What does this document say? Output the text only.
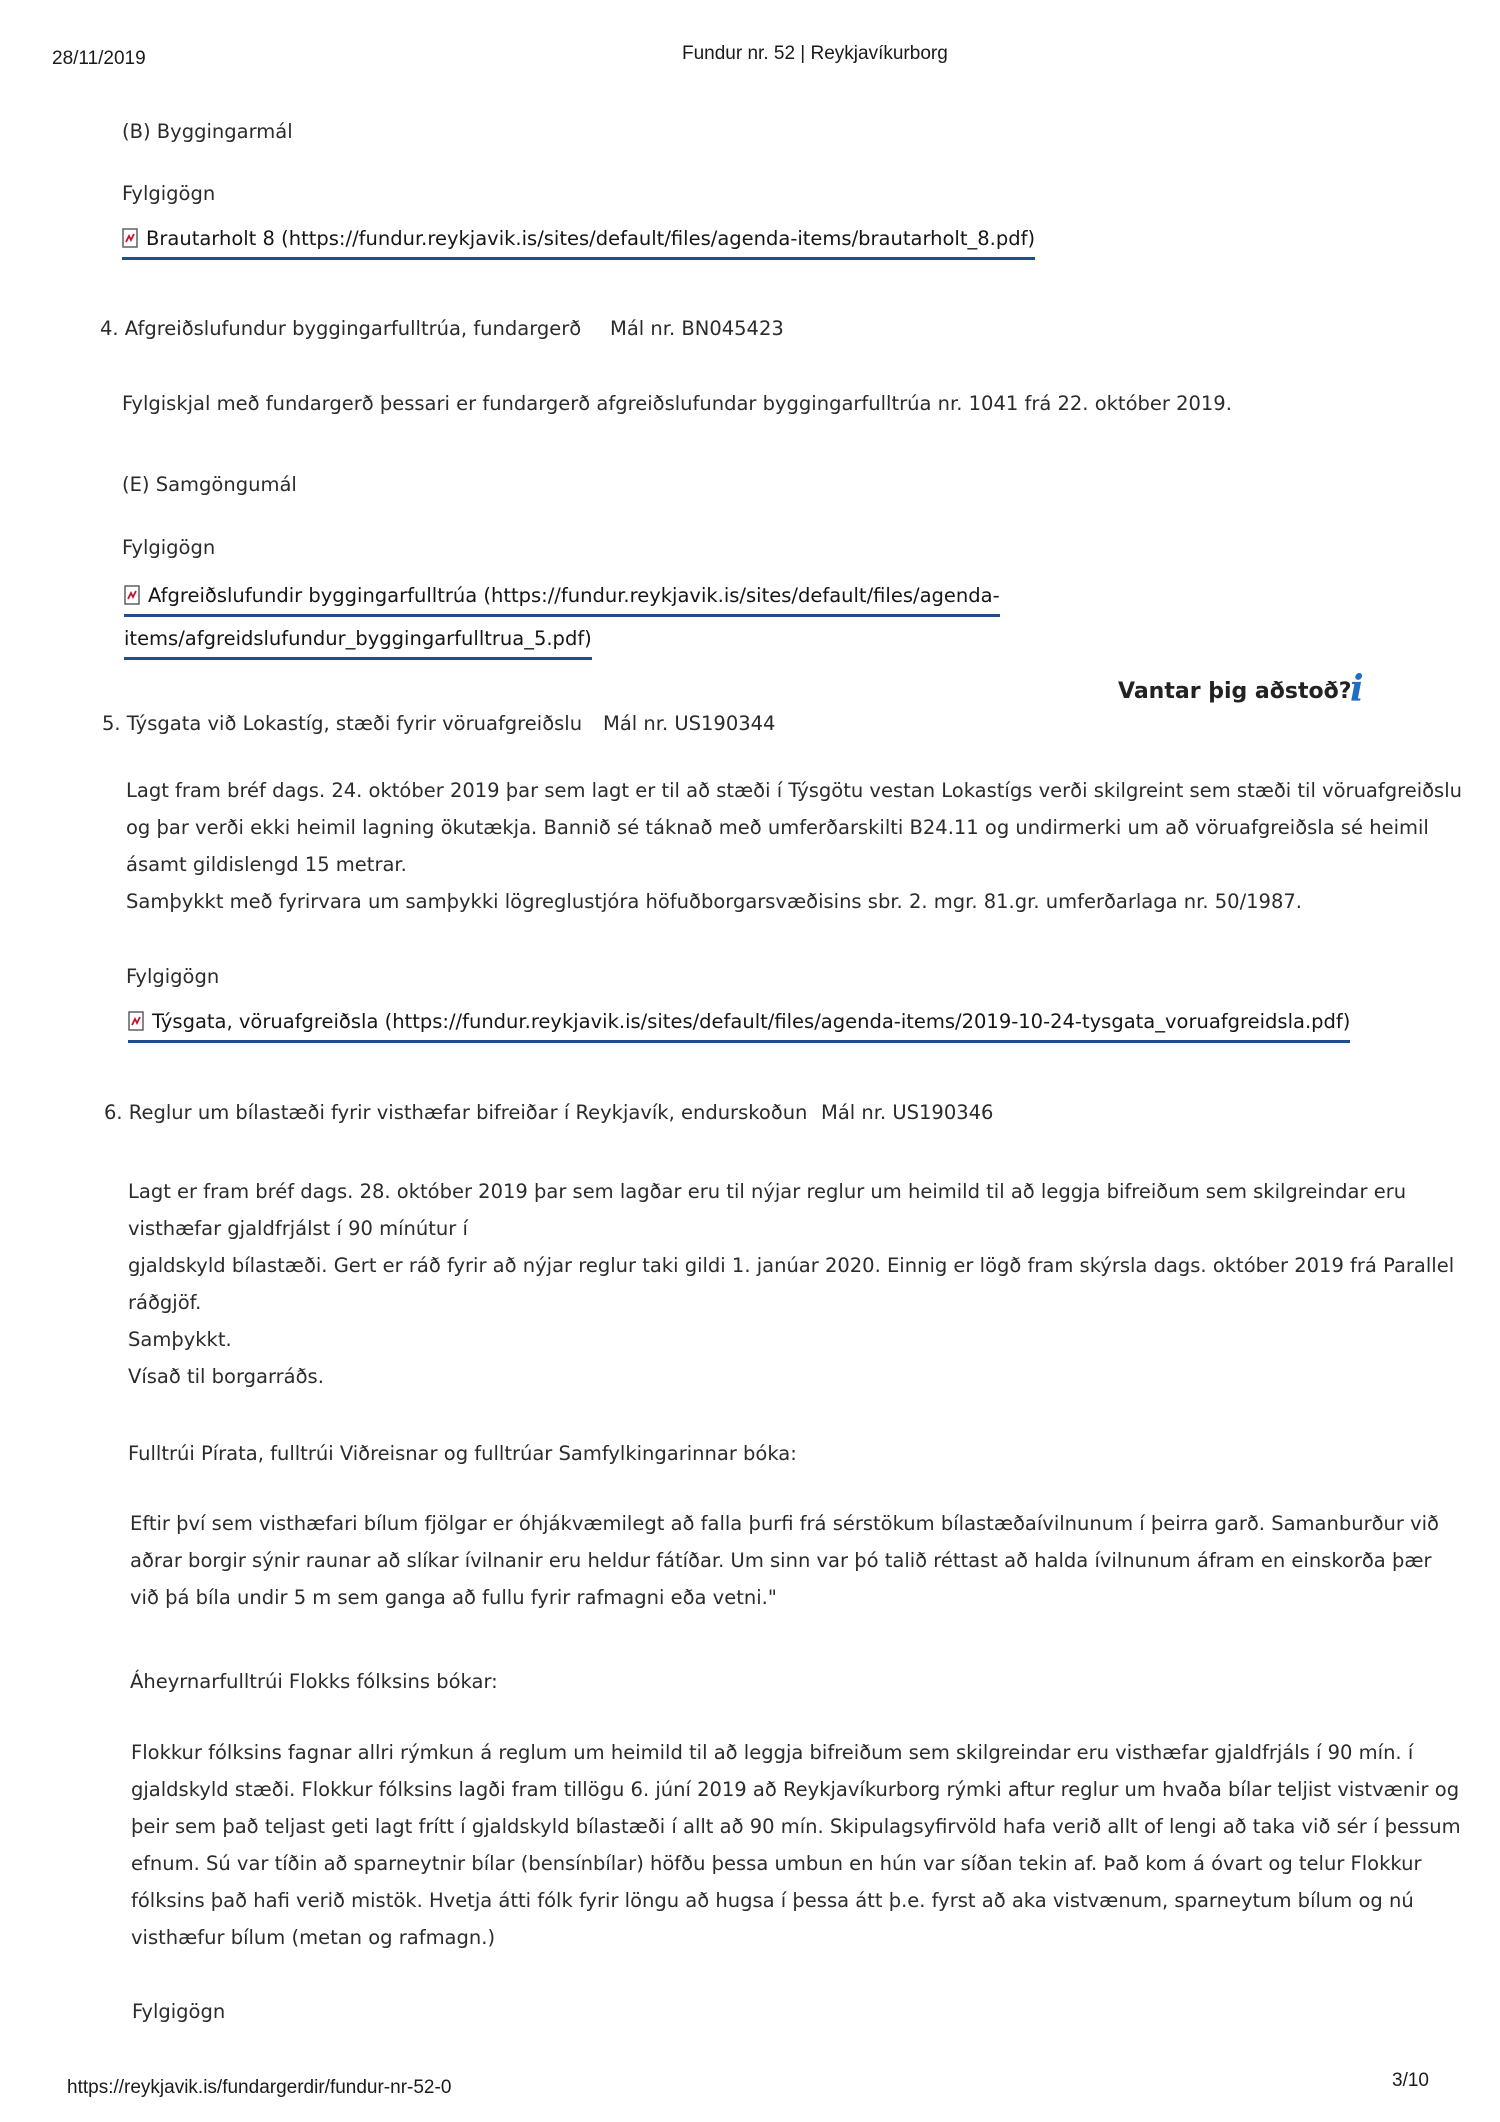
28/11/2019	Fundur nr. 52 | Reykjavíkurborg
(B) Byggingarmál
Fylgigögn
Brautarholt 8 (https://fundur.reykjavik.is/sites/default/files/agenda-items/brautarholt_8.pdf)
4. Afgreiðslufundur byggingarfulltrúa, fundargerð Mál nr. BN045423
Fylgiskjal með fundargerð þessari er fundargerð afgreiðslufundar byggingarfulltrúa nr. 1041 frá 22. október 2019.
(E) Samgöngumál
Fylgigögn
Afgreiðslufundir byggingarfulltrúa (https://fundur.reykjavik.is/sites/default/files/agenda-
items/afgreidslufundur_byggingarfulltrua_5.pdf)
Vantar þig aðstoð?
i
5. Týsgata við Lokastíg, stæði fyrir vöruafgreiðslu Mál nr. US190344
Lagt fram bréf dags. 24. október 2019 þar sem lagt er til að stæði í Týsgötu vestan Lokastígs verði skilgreint sem stæði til vöruafgreiðslu
og þar verði ekki heimil lagning ökutækja. Bannið sé táknað með umferðarskilti B24.11 og undirmerki um að vöruafgreiðsla sé heimil
ásamt gildislengd 15 metrar.
Samþykkt með fyrirvara um samþykki lögreglustjóra höfuðborgarsvæðisins sbr. 2. mgr. 81.gr. umferðarlaga nr. 50/1987.
Fylgigögn
Týsgata, vöruafgreiðsla (https://fundur.reykjavik.is/sites/default/files/agenda-items/2019-10-24-tysgata_voruafgreidsla.pdf)
6. Reglur um bílastæði fyrir visthæfar bifreiðar í Reykjavík, endurskoðun Mál nr. US190346
Lagt er fram bréf dags. 28. október 2019 þar sem lagðar eru til nýjar reglur um heimild til að leggja bifreiðum sem skilgreindar eru
visthæfar gjaldfrjálst í 90 mínútur í
gjaldskyld bílastæði. Gert er ráð fyrir að nýjar reglur taki gildi 1. janúar 2020. Einnig er lögð fram skýrsla dags. október 2019 frá Parallel
ráðgjöf.
Samþykkt.
Vísað til borgarráðs.
Fulltrúi Pírata, fulltrúi Viðreisnar og fulltrúar Samfylkingarinnar bóka:
Eftir því sem visthæfari bílum fjölgar er óhjákvæmilegt að falla þurfi frá sérstökum bílastæðaívilnunum í þeirra garð. Samanburður við
aðrar borgir sýnir raunar að slíkar ívilnanir eru heldur fátíðar. Um sinn var þó talið réttast að halda ívilnunum áfram en einskorða þær
við þá bíla undir 5 m sem ganga að fullu fyrir rafmagni eða vetni."
Áheyrnarfulltrúi Flokks fólksins bókar:
Flokkur fólksins fagnar allri rýmkun á reglum um heimild til að leggja bifreiðum sem skilgreindar eru visthæfar gjaldfrjáls í 90 mín. í
gjaldskyld stæði. Flokkur fólksins lagði fram tillögu 6. júní 2019 að Reykjavíkurborg rýmki aftur reglur um hvaða bílar teljist vistvænir og
þeir sem það teljast geti lagt frítt í gjaldskyld bílastæði í allt að 90 mín. Skipulagsyfirvöld hafa verið allt of lengi að taka við sér í þessum
efnum. Sú var tíðin að sparneytnir bílar (bensínbílar) höfðu þessa umbun en hún var síðan tekin af. Það kom á óvart og telur Flokkur
fólksins það hafi verið mistök. Hvetja átti fólk fyrir löngu að hugsa í þessa átt þ.e. fyrst að aka vistvænum, sparneytum bílum og nú
visthæfur bílum (metan og rafmagn.)
Fylgigögn
https://reykjavik.is/fundargerdir/fundur-nr-52-0	3/10
